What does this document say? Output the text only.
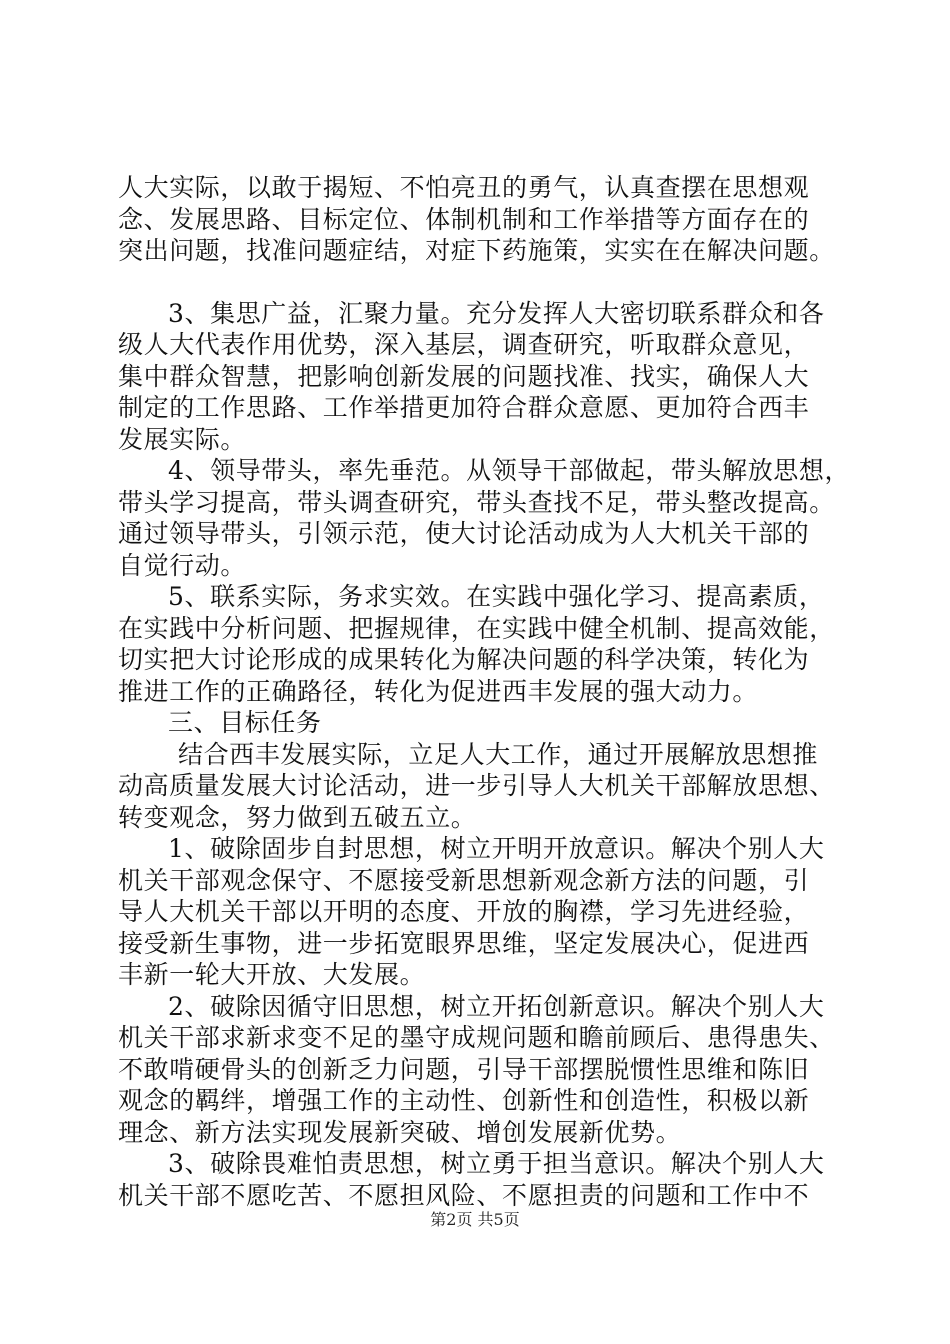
人大实际，以敢于揭短、不怕亮丑的勇气，认真查摆在思想观
念、发展思路、目标定位、体制机制和工作举措等方面存在的
突出问题，找准问题症结，对症下药施策，实实在在解决问题。
3、集思广益，汇聚力量。充分发挥人大密切联系群众和各
级人大代表作用优势，深入基层，调查研究，听取群众意见，
集中群众智慧，把影响创新发展的问题找准、找实，确保人大
制定的工作思路、工作举措更加符合群众意愿、更加符合西丰
发展实际。
4、领导带头，率先垂范。从领导干部做起，带头解放思想，
带头学习提高，带头调查研究，带头查找不足，带头整改提高。
通过领导带头，引领示范，使大讨论活动成为人大机关干部的
自觉行动。
5、联系实际，务求实效。在实践中强化学习、提高素质，
在实践中分析问题、把握规律，在实践中健全机制、提高效能，
切实把大讨论形成的成果转化为解决问题的科学决策，转化为
推进工作的正确路径，转化为促进西丰发展的强大动力。
三、目标任务
结合西丰发展实际，立足人大工作，通过开展解放思想推
动高质量发展大讨论活动，进一步引导人大机关干部解放思想、
转变观念，努力做到五破五立。
1、破除固步自封思想，树立开明开放意识。解决个别人大
机关干部观念保守、不愿接受新思想新观念新方法的问题，引
导人大机关干部以开明的态度、开放的胸襟，学习先进经验，
接受新生事物，进一步拓宽眼界思维，坚定发展决心，促进西
丰新一轮大开放、大发展。
2、破除因循守旧思想，树立开拓创新意识。解决个别人大
机关干部求新求变不足的墨守成规问题和瞻前顾后、患得患失、
不敢啃硬骨头的创新乏力问题，引导干部摆脱惯性思维和陈旧
观念的羁绊，增强工作的主动性、创新性和创造性，积极以新
理念、新方法实现发展新突破、增创发展新优势。
3、破除畏难怕责思想，树立勇于担当意识。解决个别人大
机关干部不愿吃苦、不愿担风险、不愿担责的问题和工作中不
第2页 共5页
